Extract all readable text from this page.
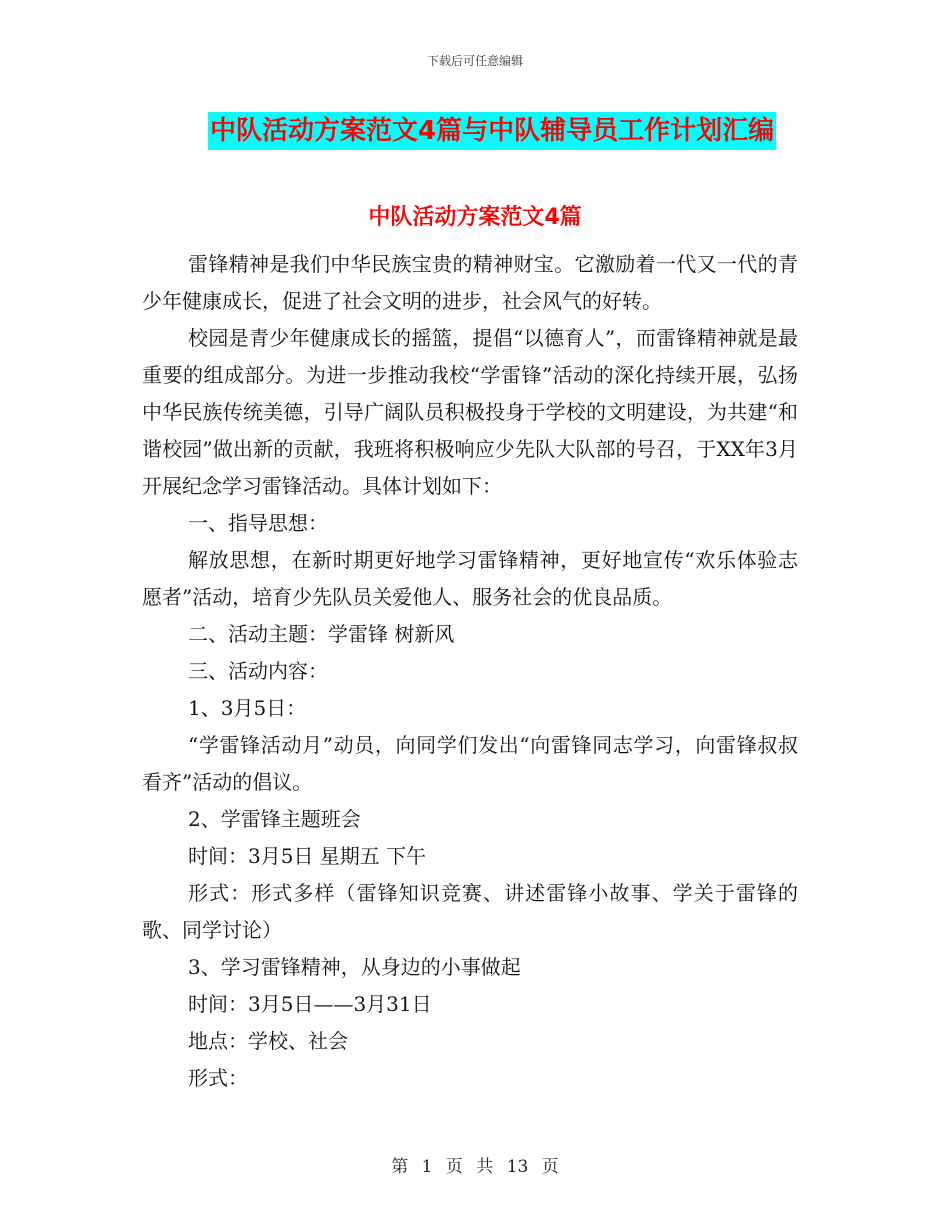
下载后可任意编辑
中队活动方案范文4篇与中队辅导员工作计划汇编
中队活动方案范文4篇

雷锋精神是我们中华民族宝贵的精神财宝。它激励着一代又一代的青少年健康成长，促进了社会文明的进步，社会风气的好转。

校园是青少年健康成长的摇篮，提倡“以德育人”，而雷锋精神就是最重要的组成部分。为进一步推动我校“学雷锋”活动的深化持续开展，弘扬中华民族传统美德，引导广阔队员积极投身于学校的文明建设，为共建“和谐校园”做出新的贡献，我班将积极响应少先队大队部的号召，于XX年3月开展纪念学习雷锋活动。具体计划如下：

一、指导思想：

解放思想，在新时期更好地学习雷锋精神，更好地宣传“欢乐体验志愿者”活动，培育少先队员关爱他人、服务社会的优良品质。

二、活动主题：学雷锋 树新风

三、活动内容：

1、3月5日：

“学雷锋活动月”动员，向同学们发出“向雷锋同志学习，向雷锋叔叔看齐”活动的倡议。

2、学雷锋主题班会

时间：3月5日 星期五 下午

形式：形式多样（雷锋知识竞赛、讲述雷锋小故事、学关于雷锋的歌、同学讨论）

3、学习雷锋精神，从身边的小事做起

时间：3月5日——3月31日

地点：学校、社会

形式：

第 1 页 共 13 页
